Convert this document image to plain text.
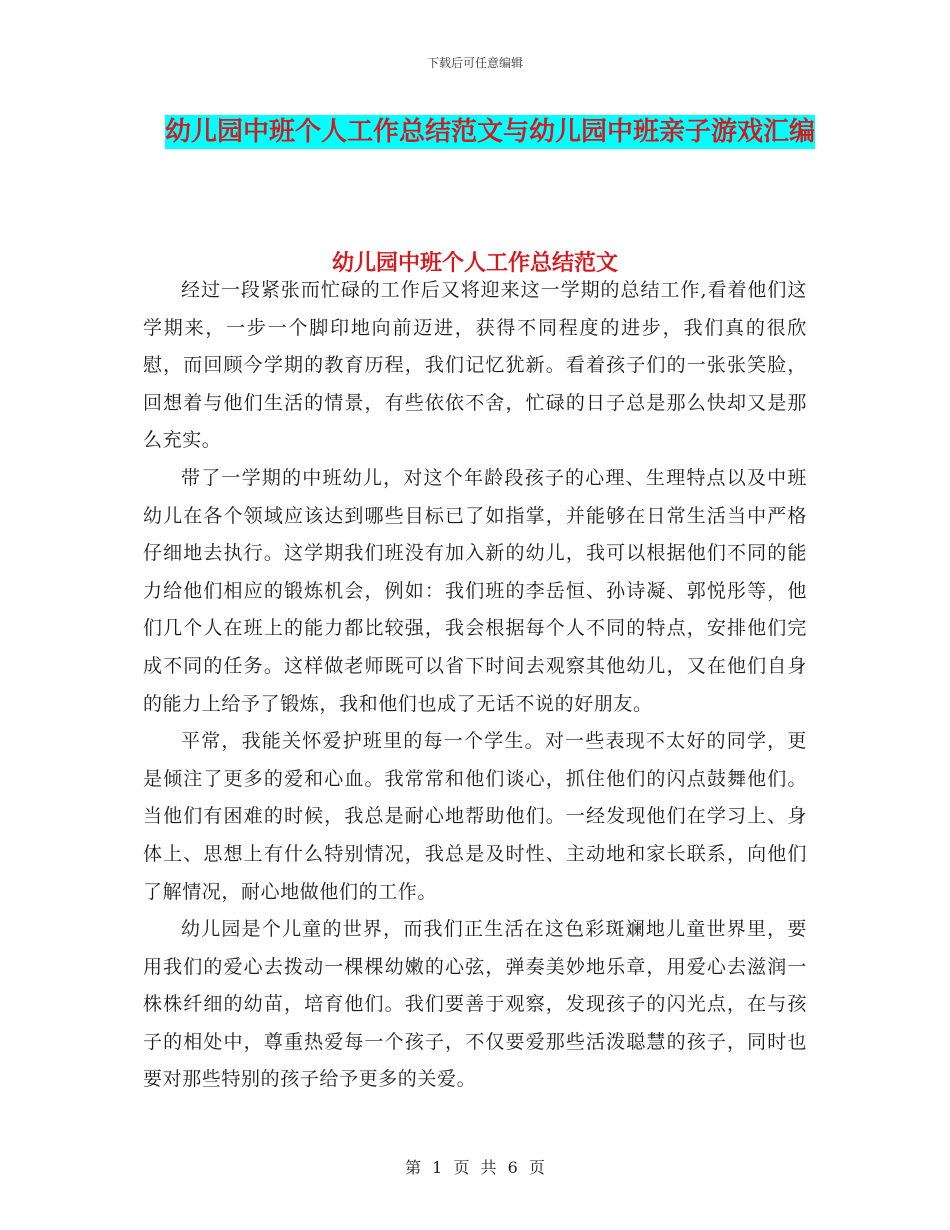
下载后可任意编辑
幼儿园中班个人工作总结范文与幼儿园中班亲子游戏汇编
幼儿园中班个人工作总结范文

经过一段紧张而忙碌的工作后又将迎来这一学期的总结工作,看着他们这学期来，一步一个脚印地向前迈进，获得不同程度的进步，我们真的很欣慰，而回顾今学期的教育历程，我们记忆犹新。看着孩子们的一张张笑脸，回想着与他们生活的情景，有些依依不舍，忙碌的日子总是那么快却又是那么充实。

带了一学期的中班幼儿，对这个年龄段孩子的心理、生理特点以及中班幼儿在各个领域应该达到哪些目标已了如指掌，并能够在日常生活当中严格仔细地去执行。这学期我们班没有加入新的幼儿，我可以根据他们不同的能力给他们相应的锻炼机会，例如：我们班的李岳恒、孙诗凝、郭悦彤等，他们几个人在班上的能力都比较强，我会根据每个人不同的特点，安排他们完成不同的任务。这样做老师既可以省下时间去观察其他幼儿，又在他们自身的能力上给予了锻炼，我和他们也成了无话不说的好朋友。

平常，我能关怀爱护班里的每一个学生。对一些表现不太好的同学，更是倾注了更多的爱和心血。我常常和他们谈心，抓住他们的闪点鼓舞他们。当他们有困难的时候，我总是耐心地帮助他们。一经发现他们在学习上、身体上、思想上有什么特别情况，我总是及时性、主动地和家长联系，向他们了解情况，耐心地做他们的工作。

幼儿园是个儿童的世界，而我们正生活在这色彩斑斓地儿童世界里，要用我们的爱心去拨动一棵棵幼嫩的心弦，弹奏美妙地乐章，用爱心去滋润一株株纤细的幼苗，培育他们。我们要善于观察，发现孩子的闪光点，在与孩子的相处中，尊重热爱每一个孩子，不仅要爱那些活泼聪慧的孩子，同时也要对那些特别的孩子给予更多的关爱。

第 1 页 共 6 页
